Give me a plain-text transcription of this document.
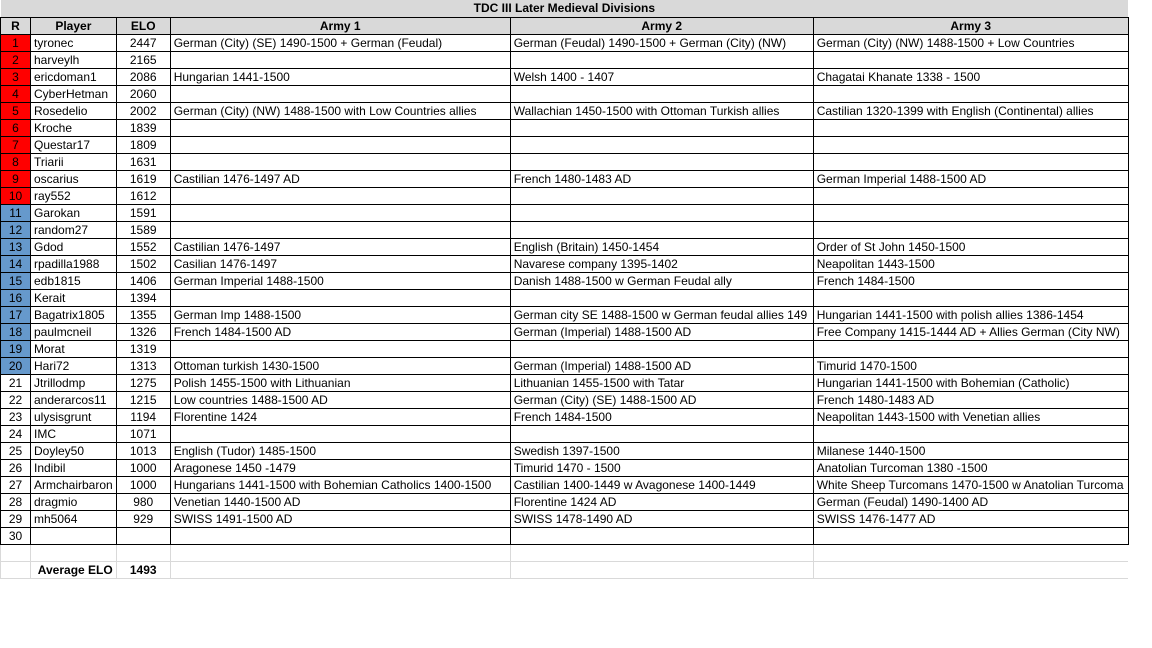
TDC III Later Medieval Divisions					
R	Player	ELO	Army 1	Army 2	Army 3
1	tyronec	2447	German (City) (SE) 1490-1500 + German (Feudal)	German (Feudal) 1490-1500 + German (City) (NW)	German (City) (NW) 1488-1500 + Low Countries
2	harveylh	2165			
3	ericdoman1	2086	Hungarian 1441-1500	Welsh 1400 - 1407	Chagatai Khanate 1338 - 1500
4	CyberHetman	2060			
5	Rosedelio	2002	German (City) (NW) 1488-1500 with Low Countries allies	Wallachian 1450-1500 with Ottoman Turkish allies	Castilian 1320-1399 with English (Continental) allies
6	Kroche	1839			
7	Questar17	1809			
8	Triarii	1631			
9	oscarius	1619	Castilian 1476-1497 AD	French 1480-1483 AD	German Imperial 1488-1500 AD
10	ray552	1612			
11	Garokan	1591			
12	random27	1589			
13	Gdod	1552	Castilian 1476-1497	English (Britain) 1450-1454	Order of St John 1450-1500
14	rpadilla1988	1502	Casilian 1476-1497	Navarese company 1395-1402	Neapolitan 1443-1500
15	edb1815	1406	German Imperial 1488-1500	Danish 1488-1500 w German Feudal ally	French 1484-1500
16	Kerait	1394			
17	Bagatrix1805	1355	German Imp 1488-1500	German city SE 1488-1500 w German feudal allies 149	Hungarian 1441-1500 with polish allies 1386-1454
18	paulmcneil	1326	French 1484-1500 AD	German (Imperial) 1488-1500 AD	Free Company 1415-1444 AD + Allies German (City NW)
19	Morat	1319			
20	Hari72	1313	Ottoman turkish 1430-1500	German (Imperial) 1488-1500 AD	Timurid 1470-1500
21	Jtrillodmp	1275	Polish 1455-1500 with Lithuanian	Lithuanian 1455-1500 with Tatar	Hungarian 1441-1500 with Bohemian (Catholic)
22	anderarcos11	1215	Low countries 1488-1500 AD	German (City) (SE) 1488-1500 AD	French 1480-1483 AD
23	ulysisgrunt	1194	Florentine 1424	French 1484-1500	Neapolitan 1443-1500 with Venetian allies
24	IMC	1071			
25	Doyley50	1013	English (Tudor) 1485-1500	Swedish 1397-1500	Milanese 1440-1500
26	Indibil	1000	Aragonese 1450 -1479	Timurid 1470 - 1500	Anatolian Turcoman 1380 -1500
27	Armchairbaron	1000	Hungarians 1441-1500 with Bohemian Catholics 1400-1500	Castilian 1400-1449 w Avagonese 1400-1449	White Sheep Turcomans 1470-1500 w Anatolian Turcoma
28	dragmio	980	Venetian 1440-1500 AD	Florentine 1424 AD	German (Feudal) 1490-1400 AD
29	mh5064	929	SWISS 1491-1500 AD	SWISS 1478-1490 AD	SWISS 1476-1477 AD
30					

	Average ELO	1493			
